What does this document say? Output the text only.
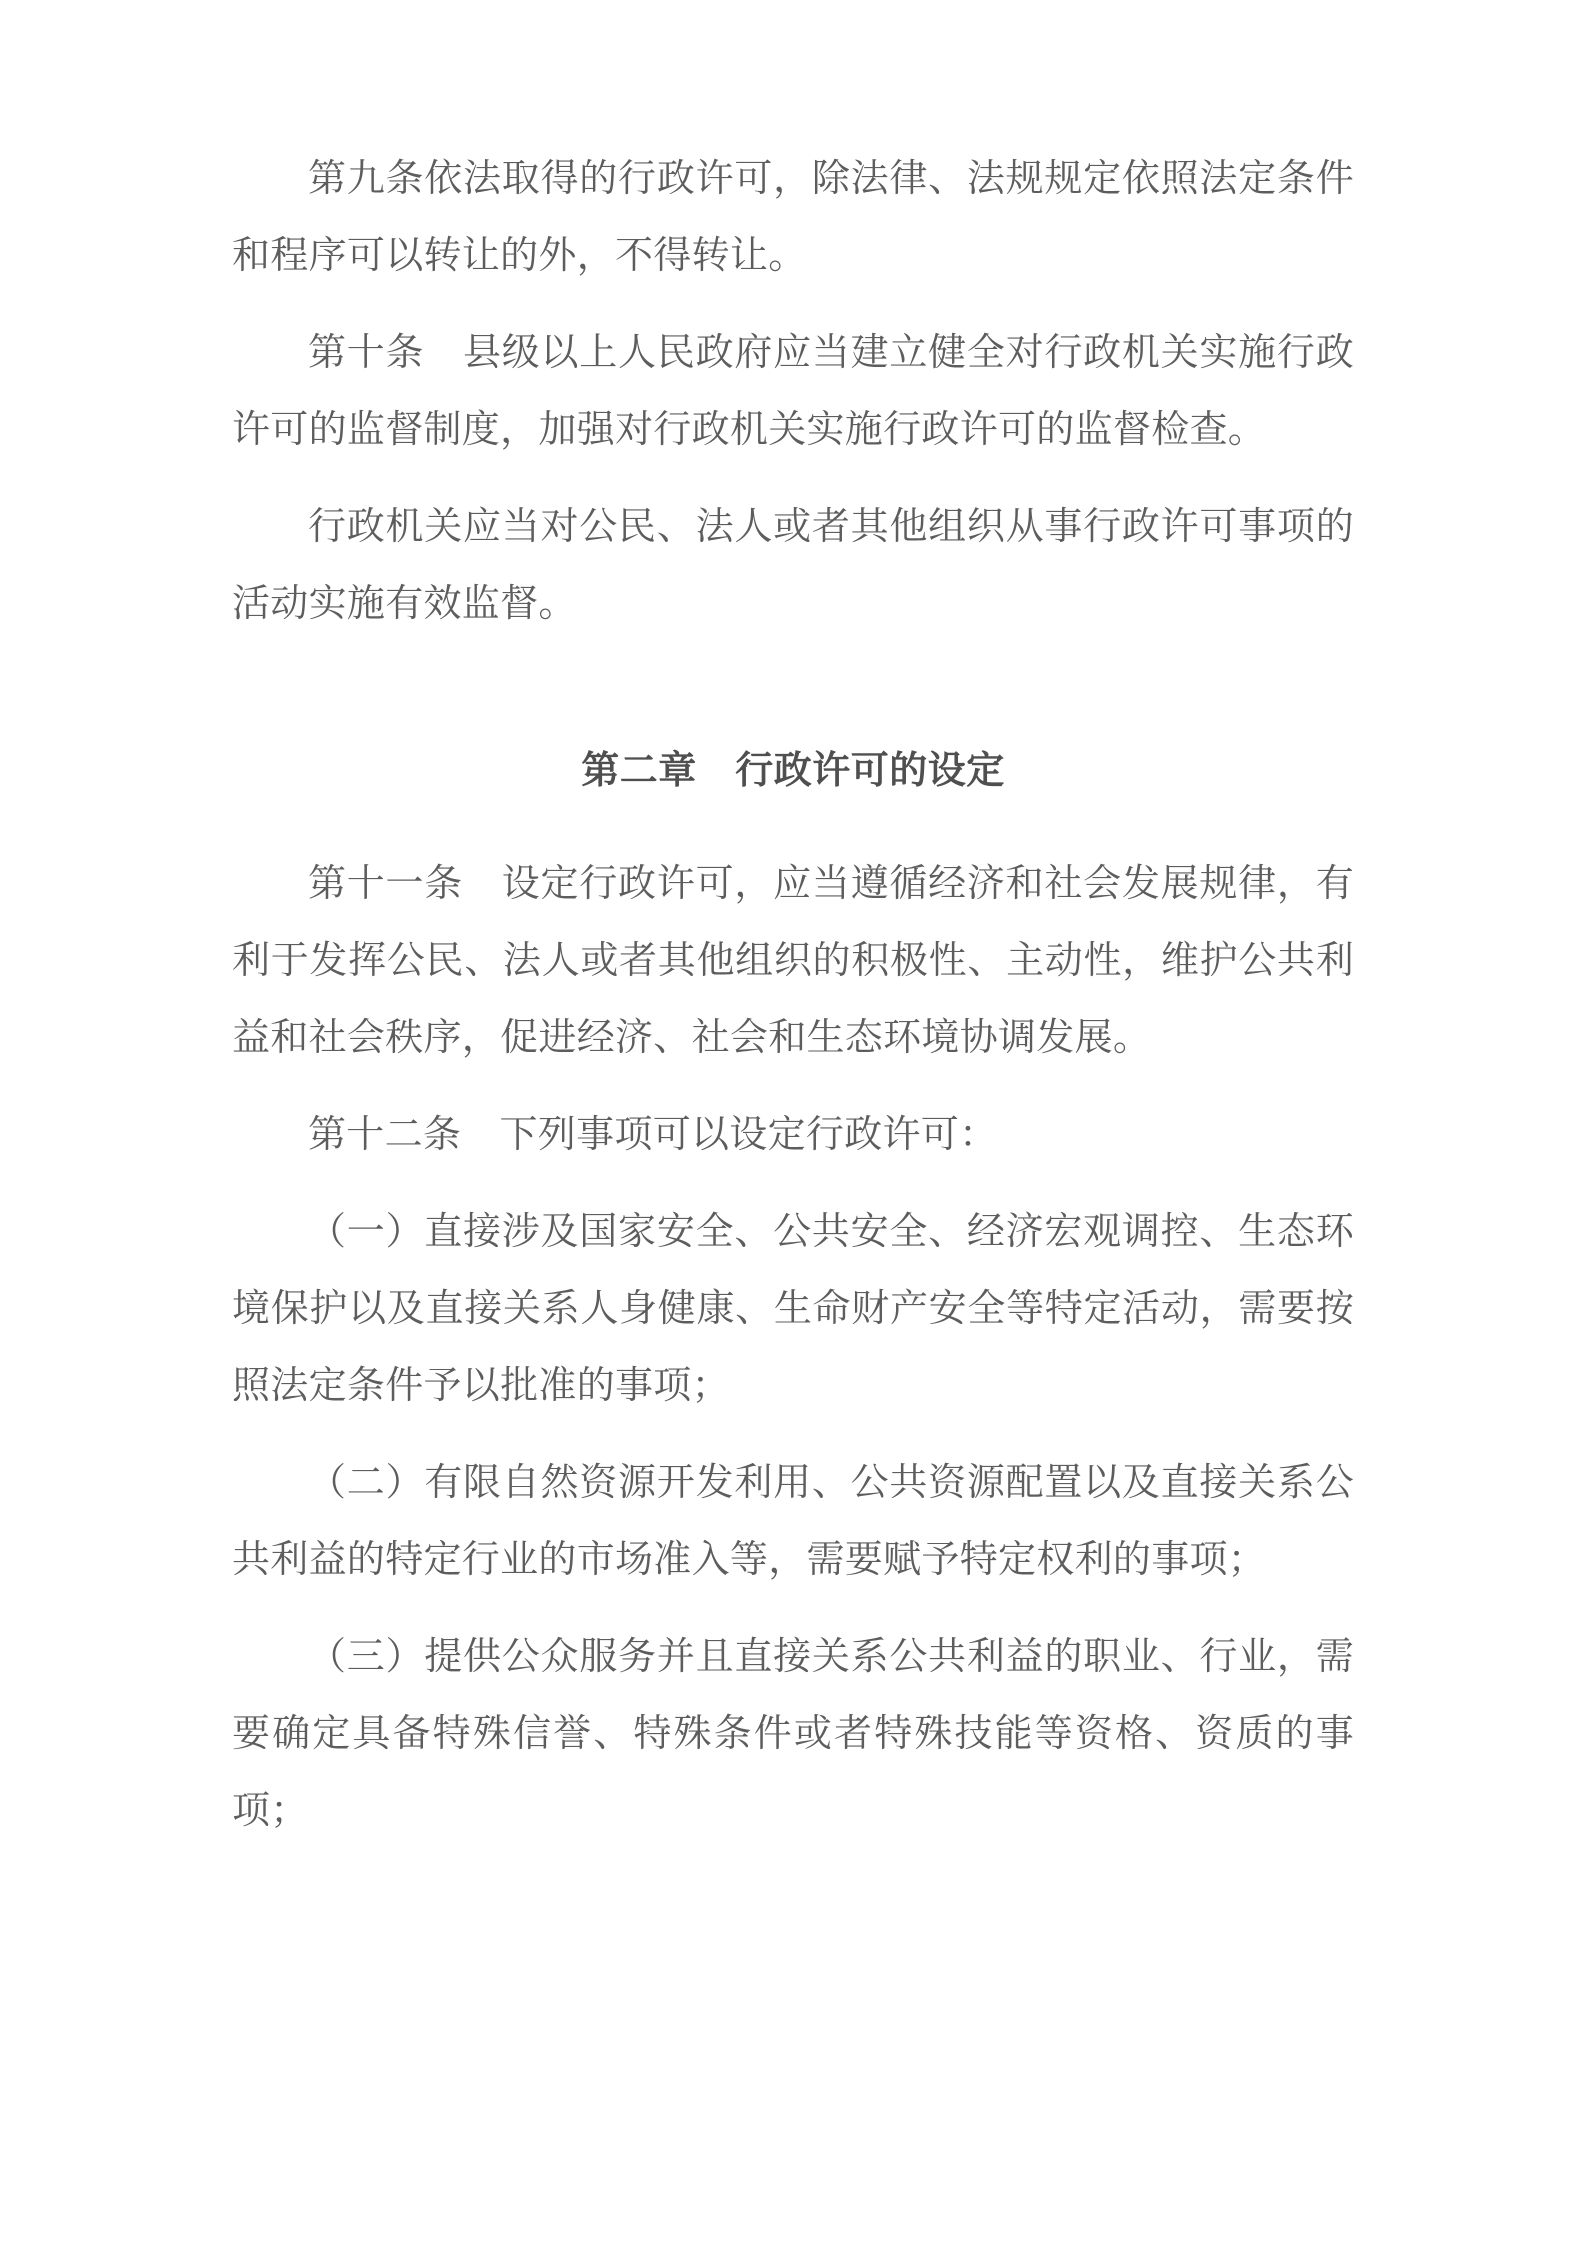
第九条依法取得的行政许可，除法律、法规规定依照法定条件和程序可以转让的外，不得转让。

第十条　县级以上人民政府应当建立健全对行政机关实施行政许可的监督制度，加强对行政机关实施行政许可的监督检查。

行政机关应当对公民、法人或者其他组织从事行政许可事项的活动实施有效监督。

第二章　行政许可的设定

第十一条　设定行政许可，应当遵循经济和社会发展规律，有利于发挥公民、法人或者其他组织的积极性、主动性，维护公共利益和社会秩序，促进经济、社会和生态环境协调发展。

第十二条　下列事项可以设定行政许可：

（一）直接涉及国家安全、公共安全、经济宏观调控、生态环境保护以及直接关系人身健康、生命财产安全等特定活动，需要按照法定条件予以批准的事项；

（二）有限自然资源开发利用、公共资源配置以及直接关系公共利益的特定行业的市场准入等，需要赋予特定权利的事项；

（三）提供公众服务并且直接关系公共利益的职业、行业，需要确定具备特殊信誉、特殊条件或者特殊技能等资格、资质的事项；
